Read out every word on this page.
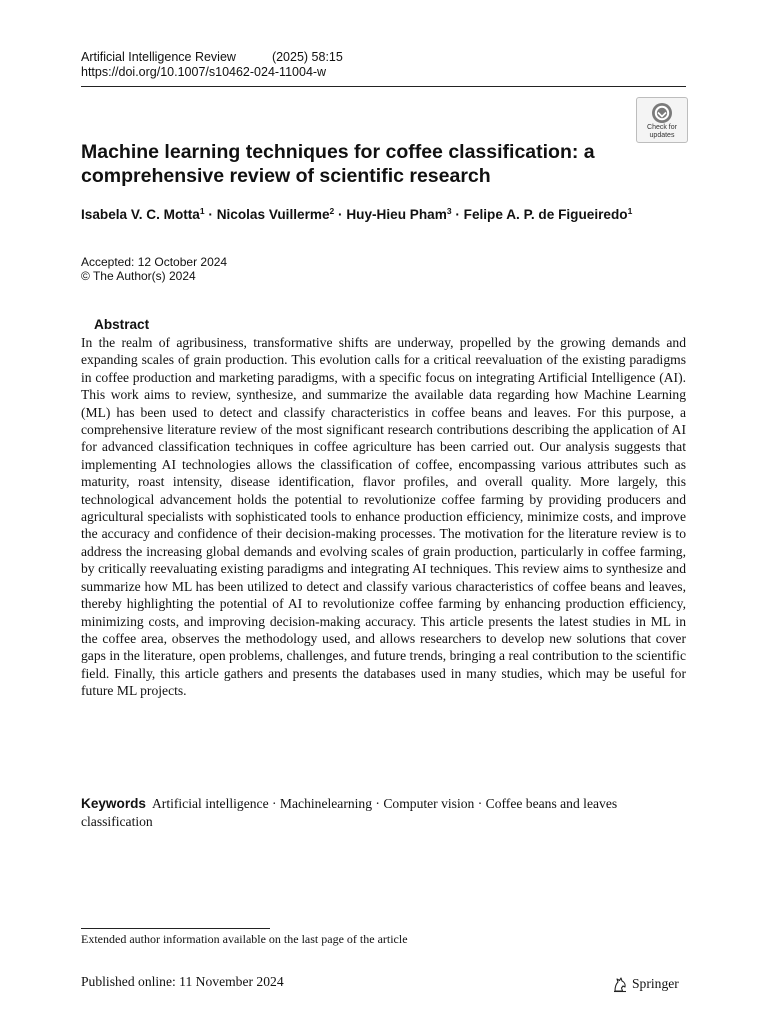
Artificial Intelligence Review	(2025) 58:15
https://doi.org/10.1007/s10462-024-11004-w
Check for
updates
Machine learning techniques for coffee classification: a comprehensive review of scientific research
Isabela V. C. Motta$^1$ · Nicolas Vuillerme$^2$ · Huy-Hieu Pham$^3$ · Felipe A. P. de Figueiredo$^1$
Accepted: 12 October 2024
© The Author(s) 2024
Abstract

In the realm of agribusiness, transformative shifts are underway, propelled by the growing demands and expanding scales of grain production. This evolution calls for a critical reevaluation of the existing paradigms in coffee production and marketing paradigms, with a specific focus on integrating Artificial Intelligence (AI). This work aims to review, synthesize, and summarize the available data regarding how Machine Learning (ML) has been used to detect and classify characteristics in coffee beans and leaves. For this purpose, a comprehensive literature review of the most significant research contributions describing the application of AI for advanced classification techniques in coffee agriculture has been carried out. Our analysis suggests that implementing AI technologies allows the classification of coffee, encompassing various attributes such as maturity, roast intensity, disease identification, flavor profiles, and overall quality. More largely, this technological advancement holds the potential to revolutionize coffee farming by providing producers and agricultural specialists with sophisticated tools to enhance production efficiency, minimize costs, and improve the accuracy and confidence of their decision-making processes. The motivation for the literature review is to address the increasing global demands and evolving scales of grain production, particularly in coffee farming, by critically reevaluating existing paradigms and integrating AI techniques. This review aims to synthesize and summarize how ML has been utilized to detect and classify various characteristics of coffee beans and leaves, thereby highlighting the potential of AI to revolutionize coffee farming by enhancing production efficiency, minimizing costs, and improving decision-making accuracy. This article presents the latest studies in ML in the coffee area, observes the methodology used, and allows researchers to develop new solutions that cover gaps in the literature, open problems, challenges, and future trends, bringing a real contribution to the scientific field. Finally, this article gathers and presents the databases used in many studies, which may be useful for future ML projects.

Keywords Artificial intelligence · Machinelearning · Computer vision · Coffee beans and leaves classification
Extended author information available on the last page of the article
Published online: 11 November 2024	Springer
